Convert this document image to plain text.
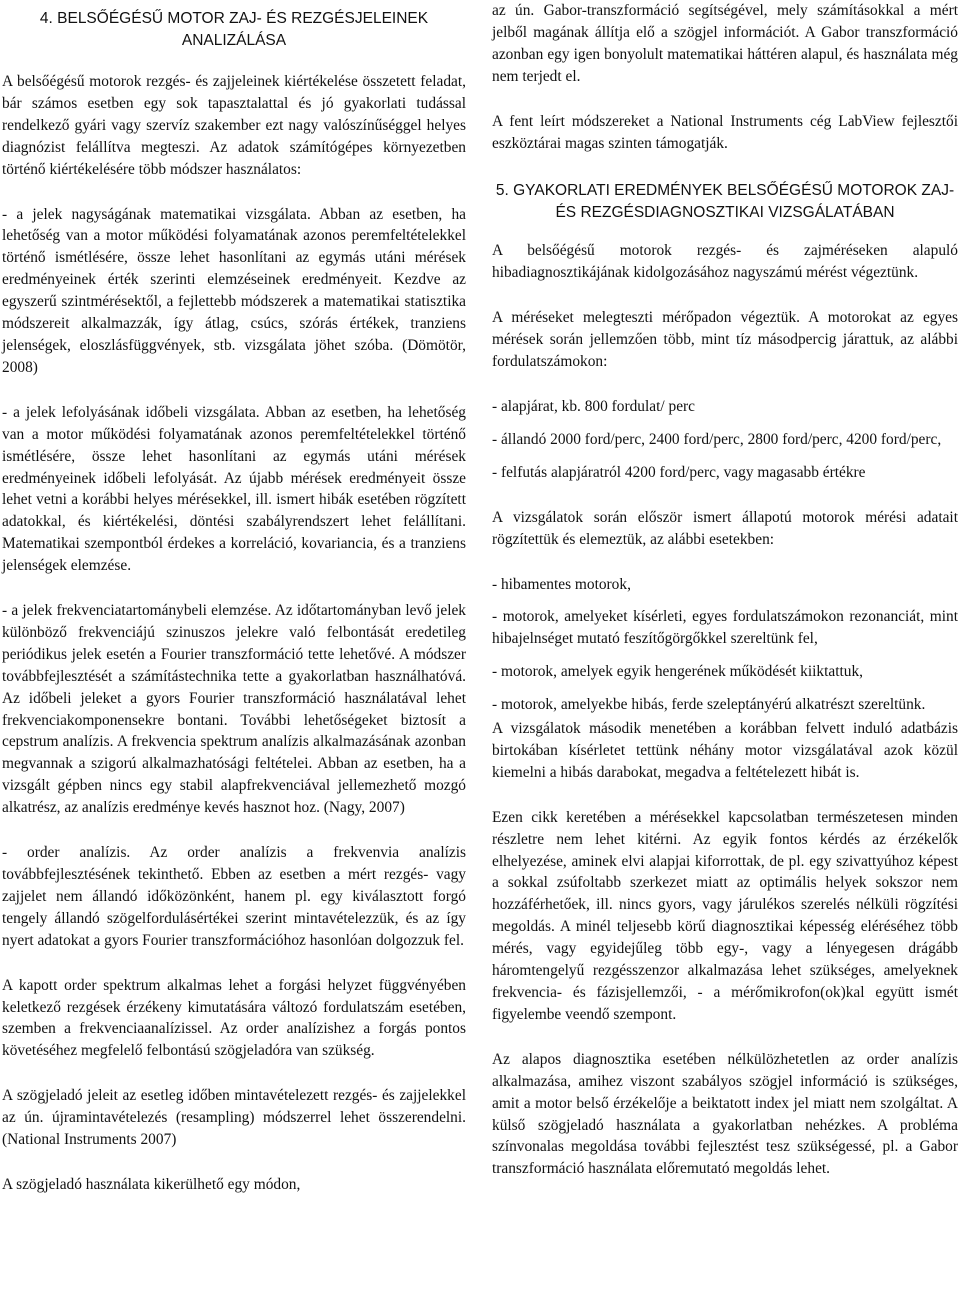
4. BELSŐÉGÉSŰ MOTOR ZAJ- ÉS REZGÉSJELEINEK ANALIZÁLÁSA

A belsőégésű motorok rezgés- és zajjeleinek kiértékelése összetett feladat, bár számos esetben egy sok tapasztalattal és jó gyakorlati tudással rendelkező gyári vagy szervíz szakember ezt nagy valószínűséggel helyes diagnózist felállítva megteszi. Az adatok számítógépes környezetben történő kiértékelésére több módszer használatos:

- a jelek nagyságának matematikai vizsgálata. Abban az esetben, ha lehetőség van a motor működési folyamatának azonos peremfeltételekkel történő ismétlésére, össze lehet hasonlítani az egymás utáni mérések eredményeinek érték szerinti elemzéseinek eredményeit. Kezdve az egyszerű szintmérésektől, a fejlettebb módszerek a matematikai statisztika módszereit alkalmazzák, így átlag, csúcs, szórás értékek, tranziens jelenségek, eloszlásfüggvények, stb. vizsgálata jöhet szóba. (Dömötör, 2008)

- a jelek lefolyásának időbeli vizsgálata. Abban az esetben, ha lehetőség van a motor működési folyamatának azonos peremfeltételekkel történő ismétlésére, össze lehet hasonlítani az egymás utáni mérések eredményeinek időbeli lefolyását. Az újabb mérések eredményeit össze lehet vetni a korábbi helyes mérésekkel, ill. ismert hibák esetében rögzített adatokkal, és kiértékelési, döntési szabályrendszert lehet felállítani. Matematikai szempontból érdekes a korreláció, kovariancia, és a tranziens jelenségek elemzése.

- a jelek frekvenciatartománybeli elemzése. Az időtartományban levő jelek különböző frekvenciájú szinuszos jelekre való felbontását eredetileg periódikus jelek esetén a Fourier transzformáció tette lehetővé. A módszer továbbfejlesztését a számítástechnika tette a gyakorlatban használhatóvá. Az időbeli jeleket a gyors Fourier transzformáció használatával lehet frekvenciakomponensekre bontani. További lehetőségeket biztosít a cepstrum analízis. A frekvencia spektrum analízis alkalmazásának azonban megvannak a szigorú alkalmazhatósági feltételei. Abban az esetben, ha a vizsgált gépben nincs egy stabil alapfrekvenciával jellemezhető mozgó alkatrész, az analízis eredménye kevés hasznot hoz. (Nagy, 2007)

- order analízis. Az order analízis a frekvenvia analízis továbbfejlesztésének tekinthető. Ebben az esetben a mért rezgés- vagy zajjelet nem állandó időközönként, hanem pl. egy kiválasztott forgó tengely állandó szögelfordulásértékei szerint mintavételezzük, és az így nyert adatokat a gyors Fourier transzformációhoz hasonlóan dolgozzuk fel.

A kapott order spektrum alkalmas lehet a forgási helyzet függvényében keletkező rezgések érzékeny kimutatására változó fordulatszám esetében, szemben a frekvenciaanalízissel. Az order analízishez a forgás pontos követéséhez megfelelő felbontású szögjeladóra van szükség.

A szögjeladó jeleit az esetleg időben mintavételezett rezgés- és zajjelekkel az ún. újramintavételezés (resampling) módszerrel lehet összerendelni. (National Instruments 2007)

A szögjeladó használata kikerülhető egy módon,

az ún. Gabor-transzformáció segítségével, mely számításokkal a mért jelből magának állítja elő a szögjel információt. A Gabor transzformáció azonban egy igen bonyolult matematikai háttéren alapul, és használata még nem terjedt el.

A fent leírt módszereket a National Instruments cég LabView fejlesztői eszköztárai magas szinten támogatják.

5. GYAKORLATI EREDMÉNYEK BELSŐÉGÉSŰ MOTOROK ZAJ- ÉS REZGÉSDIAGNOSZTIKAI VIZSGÁLATÁBAN

A belsőégésű motorok rezgés- és zajméréseken alapuló hibadiagnosztikájának kidolgozásához nagyszámú mérést végeztünk.

A méréseket melegteszti mérőpadon végeztük. A motorokat az egyes mérések során jellemzően több, mint tíz másodpercig járattuk, az alábbi fordulatszámokon:

- alapjárat, kb. 800 fordulat/ perc

- állandó 2000 ford/perc, 2400 ford/perc, 2800 ford/perc, 4200 ford/perc,

- felfutás alapjáratról 4200 ford/perc, vagy magasabb értékre

A vizsgálatok során először ismert állapotú motorok mérési adatait rögzítettük és elemeztük, az alábbi esetekben:

- hibamentes motorok,

- motorok, amelyeket kísérleti, egyes fordulatszámokon rezonanciát, mint hibajelnséget mutató feszítőgörgőkkel szereltünk fel,

- motorok, amelyek egyik hengerének működését kiiktattuk,

- motorok, amelyekbe hibás, ferde szeleptányérú alkatrészt szereltünk.

A vizsgálatok második menetében a korábban felvett induló adatbázis birtokában kísérletet tettünk néhány motor vizsgálatával azok közül kiemelni a hibás darabokat, megadva a feltételezett hibát is.

Ezen cikk keretében a mérésekkel kapcsolatban természetesen minden részletre nem lehet kitérni. Az egyik fontos kérdés az érzékelők elhelyezése, aminek elvi alapjai kiforrottak, de pl. egy szivattyúhoz képest a sokkal zsúfoltabb szerkezet miatt az optimális helyek sokszor nem hozzáférhetőek, ill. nincs gyors, vagy járulékos szerelés nélküli rögzítési megoldás. A minél teljesebb körű diagnosztikai képesség eléréséhez több mérés, vagy egyidejűleg több egy-, vagy a lényegesen drágább háromtengelyű rezgésszenzor alkalmazása lehet szükséges, amelyeknek frekvencia- és fázisjellemzői, - a mérőmikrofon(ok)kal együtt ismét figyelembe veendő szempont.

Az alapos diagnosztika esetében nélkülözhetetlen az order analízis alkalmazása, amihez viszont szabályos szögjel információ is szükséges, amit a motor belső érzékelője a beiktatott index jel miatt nem szolgáltat. A külső szögjeladó használata a gyakorlatban nehézkes. A probléma színvonalas megoldása további fejlesztést tesz szükségessé, pl. a Gabor transzformáció használata előremutató megoldás lehet.
